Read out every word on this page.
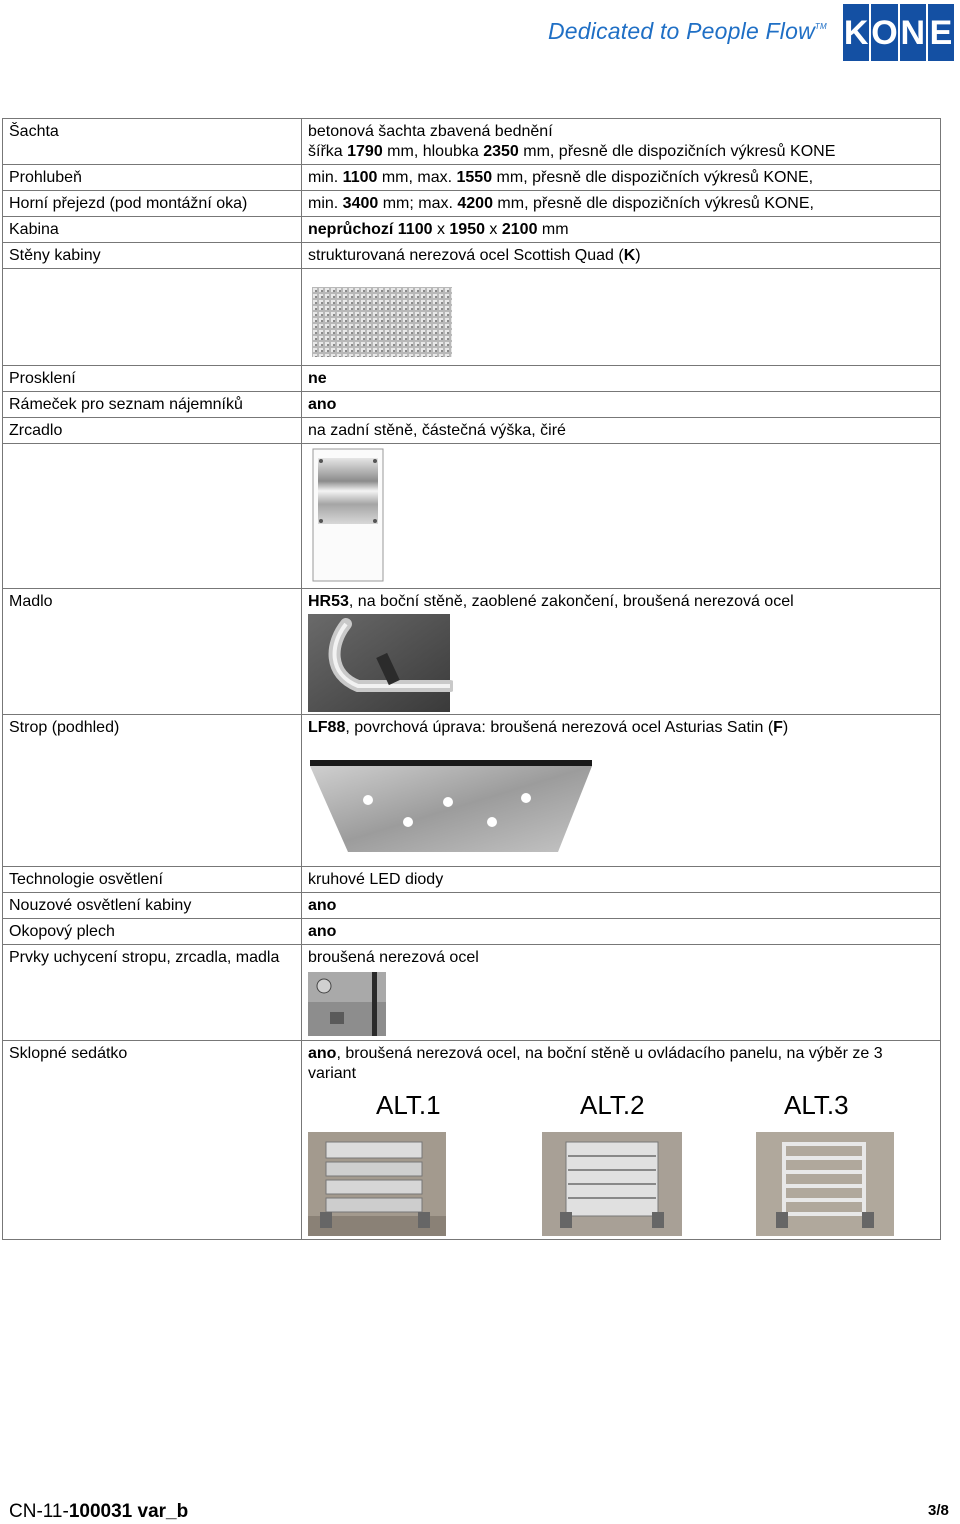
Dedicated to People Flow™ K O N E
Šachta	betonová šachta zbavená bednění
šířka 1790 mm, hloubka 2350 mm, přesně dle dispozičních výkresů KONE

Prohlubeň	min. 1100 mm, max. 1550 mm, přesně dle dispozičních výkresů KONE,
Horní přejezd (pod montážní oka)	min. 3400 mm; max. 4200 mm, přesně dle dispozičních výkresů KONE,
Kabina	neprůchozí 1100 x 1950 x 2100 mm
Stěny kabiny	strukturovaná nerezová ocel Scottish Quad (K)

Prosklení	ne
Rámeček pro seznam nájemníků	ano
Zrcadlo	na zadní stěně, částečná výška, čiré

Madlo	HR53, na boční stěně, zaoblené zakončení, broušená nerezová ocel

Strop (podhled)	LF88, povrchová úprava: broušená nerezová ocel Asturias Satin (F)

Technologie osvětlení	kruhové LED diody
Nouzové osvětlení kabiny	ano
Okopový plech	ano
Prvky uchycení stropu, zrcadla, madla	broušená nerezová ocel

Sklopné sedátko	ano, broušená nerezová ocel, na boční stěně u ovládacího panelu, na výběr ze 3 variant
ALT.1 ALT.2 ALT.3
CN-11-100031 var_b	3/8
